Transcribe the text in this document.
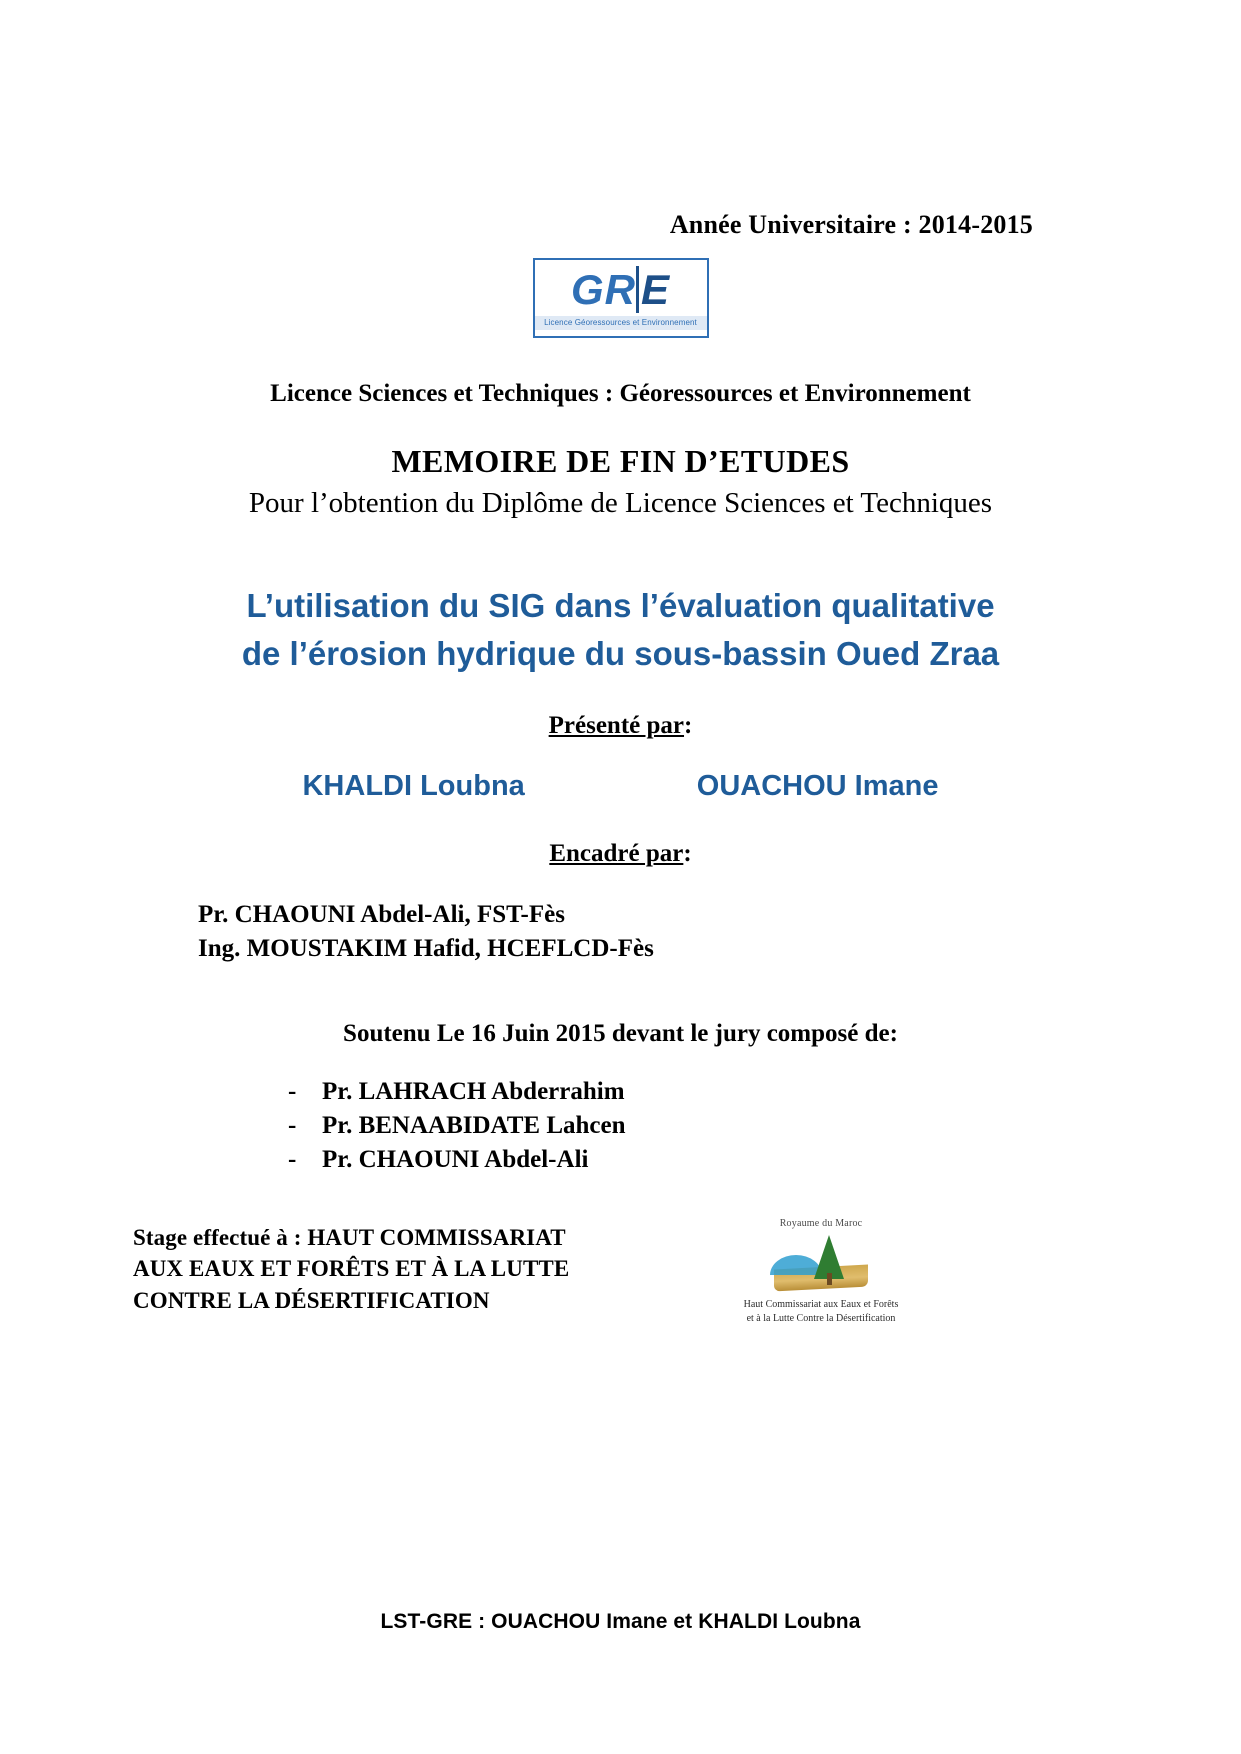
Année Universitaire : 2014-2015
GR E
Licence Géoressources et Environnement
Licence Sciences et Techniques : Géoressources et Environnement
MEMOIRE DE FIN D’ETUDES
Pour l’obtention du Diplôme de Licence Sciences et Techniques
L’utilisation du SIG dans l’évaluation qualitative
de l’érosion hydrique du sous-bassin Oued Zraa
Présenté par:
KHALDI Loubna	OUACHOU Imane
Encadré par:
Pr. CHAOUNI Abdel-Ali, FST-Fès
Ing. MOUSTAKIM Hafid, HCEFLCD-Fès
Soutenu Le 16 Juin 2015 devant le jury composé de:
- Pr. LAHRACH Abderrahim
- Pr. BENAABIDATE Lahcen
- Pr. CHAOUNI Abdel-Ali
Stage effectué à : HAUT COMMISSARIAT
AUX EAUX ET FORÊTS ET À LA LUTTE
CONTRE LA DÉSERTIFICATION
Royaume du Maroc
Haut Commissariat aux Eaux et Forêts
et à la Lutte Contre la Désertification
LST-GRE : OUACHOU Imane et KHALDI Loubna
